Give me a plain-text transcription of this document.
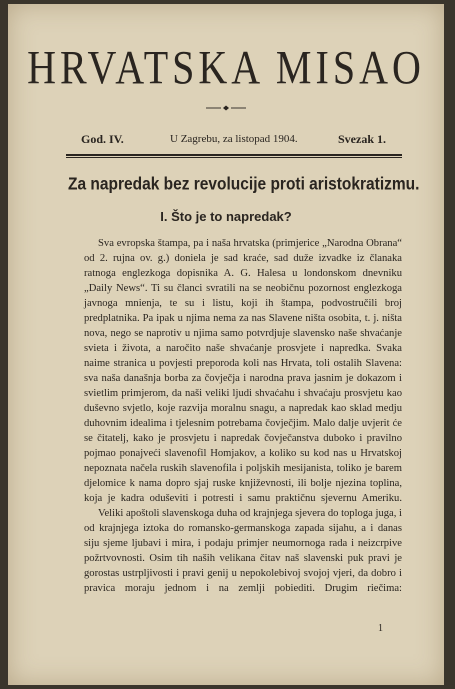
HRVATSKA MISAO
God. IV.	U Zagrebu, za listopad 1904.	Svezak 1.
Za napredak bez revolucije proti aristokratizmu.
I. Što je to napredak?

Sva evropska štampa, pa i naša hrvatska (primjerice „Narodna Obrana“ od 2. rujna ov. g.) doniela je sad kraće, sad duže izvadke iz članaka ratnoga englezkoga dopisnika A. G. Halesa u londonskom dnevniku „Daily News“. Ti su članci svratili na se neobičnu pozornost englezkoga javnoga mnienja, te su i listu, koji ih štampa, podvostručili broj predplatnika. Pa ipak u njima nema za nas Slavene ništa osobita, t. j. ništa nova, nego se naprotiv u njima samo potvrdjuje slavensko naše shvaćanje svieta i života, a naročito naše shvaćanje prosvjete i napredka. Svaka naime stranica u povjesti preporoda koli nas Hrvata, toli ostalih Slavena: sva naša današnja borba za čovječja i narodna prava jasnim je dokazom i svietlim primjerom, da naši veliki ljudi shvaćahu i shvaćaju prosvjetu kao duševno svjetlo, koje razvija moralnu snagu, a napredak kao sklad medju duhovnim idealima i tjelesnim potrebama čovječjim. Malo dalje uvjerit će se čitatelj, kako je prosvjetu i napredak čovječanstva duboko i pravilno pojmao ponajveći slavenofil Homjakov, a koliko su kod nas u Hrvatskoj nepoznata načela ruskih slavenofila i poljskih mesijanista, toliko je barem djelomice k nama dopro sjaj ruske književnosti, ili bolje njezina toplina, koja je kadra oduševiti i potresti i samu praktičnu sjevernu Ameriku.

Veliki apoštoli slavenskoga duha od krajnjega sjevera do toploga juga, i od krajnjega iztoka do romansko-germanskoga zapada sijahu, a i danas siju sjeme ljubavi i mira, i podaju primjer neumornoga rada i neizcrpive požrtvovnosti. Osim tih naših velikana čitav naš slavenski puk pravi je gorostas ustrpljivosti i pravi genij u nepokolebivoj svojoj vjeri, da dobro i pravica moraju jednom i na zemlji pobiediti. Drugim riečima:

1
